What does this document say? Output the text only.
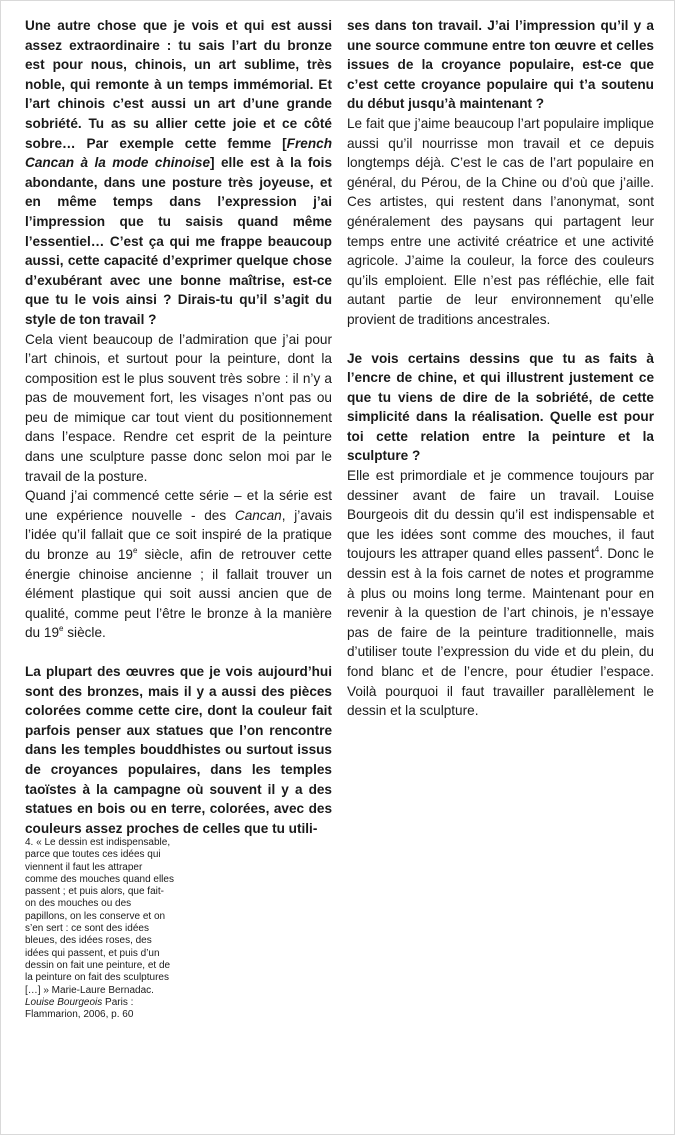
Une autre chose que je vois et qui est aussi assez extraordinaire : tu sais l’art du bronze est pour nous, chinois, un art sublime, très noble, qui remonte à un temps immémorial. Et l’art chinois c’est aussi un art d’une grande sobriété. Tu as su allier cette joie et ce côté sobre… Par exemple cette femme [French Cancan à la mode chinoise] elle est à la fois abondante, dans une posture très joyeuse, et en même temps dans l’expression j’ai l’impression que tu saisis quand même l’essentiel… C’est ça qui me frappe beaucoup aussi, cette capacité d’exprimer quelque chose d’exubérant avec une bonne maîtrise, est-ce que tu le vois ainsi ? Dirais-tu qu’il s’agit du style de ton travail ?

Cela vient beaucoup de l’admiration que j’ai pour l’art chinois, et surtout pour la peinture, dont la composition est le plus souvent très sobre : il n’y a pas de mouvement fort, les visages n’ont pas ou peu de mimique car tout vient du positionnement dans l’espace. Rendre cet esprit de la peinture dans une sculpture passe donc selon moi par le travail de la posture.

Quand j’ai commencé cette série – et la série est une expérience nouvelle - des Cancan, j’avais l’idée qu’il fallait que ce soit inspiré de la pratique du bronze au 19e siècle, afin de retrouver cette énergie chinoise ancienne ; il fallait trouver un élément plastique qui soit aussi ancien que de qualité, comme peut l’être le bronze à la manière du 19e siècle.

La plupart des œuvres que je vois aujourd’hui sont des bronzes, mais il y a aussi des pièces colorées comme cette cire, dont la couleur fait parfois penser aux statues que l’on rencontre dans les temples bouddhistes ou surtout issus de croyances populaires, dans les temples taoïstes à la campagne où souvent il y a des statues en bois ou en terre, colorées, avec des couleurs assez proches de celles que tu utili-

ses dans ton travail. J’ai l’impression qu’il y a une source commune entre ton œuvre et celles issues de la croyance populaire, est-ce que c’est cette croyance populaire qui t’a soutenu du début jusqu’à maintenant ?

Le fait que j’aime beaucoup l’art populaire implique aussi qu’il nourrisse mon travail et ce depuis longtemps déjà. C’est le cas de l’art populaire en général, du Pérou, de la Chine ou d’où que j’aille. Ces artistes, qui restent dans l’anonymat, sont généralement des paysans qui partagent leur temps entre une activité créatrice et une activité agricole. J’aime la couleur, la force des couleurs qu’ils emploient. Elle n’est pas réfléchie, elle fait autant partie de leur environnement qu’elle provient de traditions ancestrales.

Je vois certains dessins que tu as faits à l’encre de chine, et qui illustrent justement ce que tu viens de dire de la sobriété, de cette simplicité dans la réalisation. Quelle est pour toi cette relation entre la peinture et la sculpture ?

Elle est primordiale et je commence toujours par dessiner avant de faire un travail. Louise Bourgeois dit du dessin qu’il est indispensable et que les idées sont comme des mouches, il faut toujours les attraper quand elles passent$^4$. Donc le dessin est à la fois carnet de notes et programme à plus ou moins long terme. Maintenant pour en revenir à la question de l’art chinois, je n’essaye pas de faire de la peinture traditionnelle, mais d’utiliser toute l’expression du vide et du plein, du fond blanc et de l’encre, pour étudier l’espace. Voilà pourquoi il faut travailler parallèlement le dessin et la sculpture.

4. « Le dessin est indispensable, parce que toutes ces idées qui viennent il faut les attraper comme des mouches quand elles passent ; et puis alors, que fait-on des mouches ou des papillons, on les conserve et on s’en sert : ce sont des idées bleues, des idées roses, des idées qui passent, et puis d’un dessin on fait une peinture, et de la peinture on fait des sculptures […] » Marie-Laure Bernadac. Louise Bourgeois Paris : Flammarion, 2006, p. 60
